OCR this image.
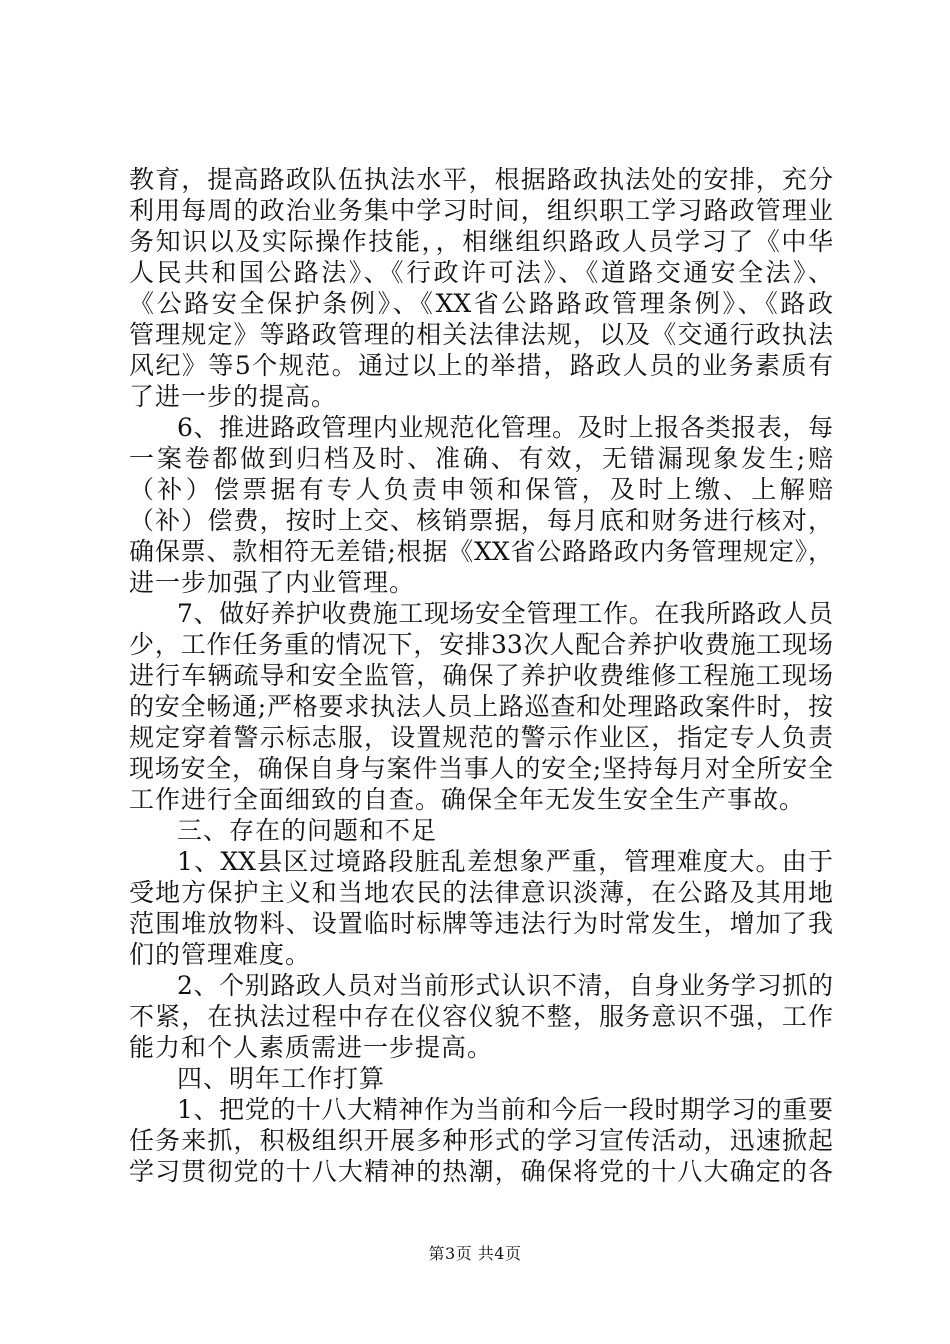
教育，提高路政队伍执法水平，根据路政执法处的安排，充分
利用每周的政治业务集中学习时间，组织职工学习路政管理业
务知识以及实际操作技能，，相继组织路政人员学习了《中华
人民共和国公路法》、《行政许可法》、《道路交通安全法》、
《公路安全保护条例》、《XX省公路路政管理条例》、《路政
管理规定》等路政管理的相关法律法规，以及《交通行政执法
风纪》等5个规范。通过以上的举措，路政人员的业务素质有
了进一步的提高。
6、推进路政管理内业规范化管理。及时上报各类报表，每
一案卷都做到归档及时、准确、有效，无错漏现象发生;赔
（补）偿票据有专人负责申领和保管，及时上缴、上解赔
（补）偿费，按时上交、核销票据，每月底和财务进行核对，
确保票、款相符无差错;根据《XX省公路路政内务管理规定》，
进一步加强了内业管理。
7、做好养护收费施工现场安全管理工作。在我所路政人员
少，工作任务重的情况下，安排33次人配合养护收费施工现场
进行车辆疏导和安全监管，确保了养护收费维修工程施工现场
的安全畅通;严格要求执法人员上路巡查和处理路政案件时，按
规定穿着警示标志服，设置规范的警示作业区，指定专人负责
现场安全，确保自身与案件当事人的安全;坚持每月对全所安全
工作进行全面细致的自查。确保全年无发生安全生产事故。
三、存在的问题和不足
1、XX县区过境路段脏乱差想象严重，管理难度大。由于
受地方保护主义和当地农民的法律意识淡薄，在公路及其用地
范围堆放物料、设置临时标牌等违法行为时常发生，增加了我
们的管理难度。
2、个别路政人员对当前形式认识不清，自身业务学习抓的
不紧，在执法过程中存在仪容仪貌不整，服务意识不强，工作
能力和个人素质需进一步提高。
四、明年工作打算
1、把党的十八大精神作为当前和今后一段时期学习的重要
任务来抓，积极组织开展多种形式的学习宣传活动，迅速掀起
学习贯彻党的十八大精神的热潮，确保将党的十八大确定的各
第3页 共4页
